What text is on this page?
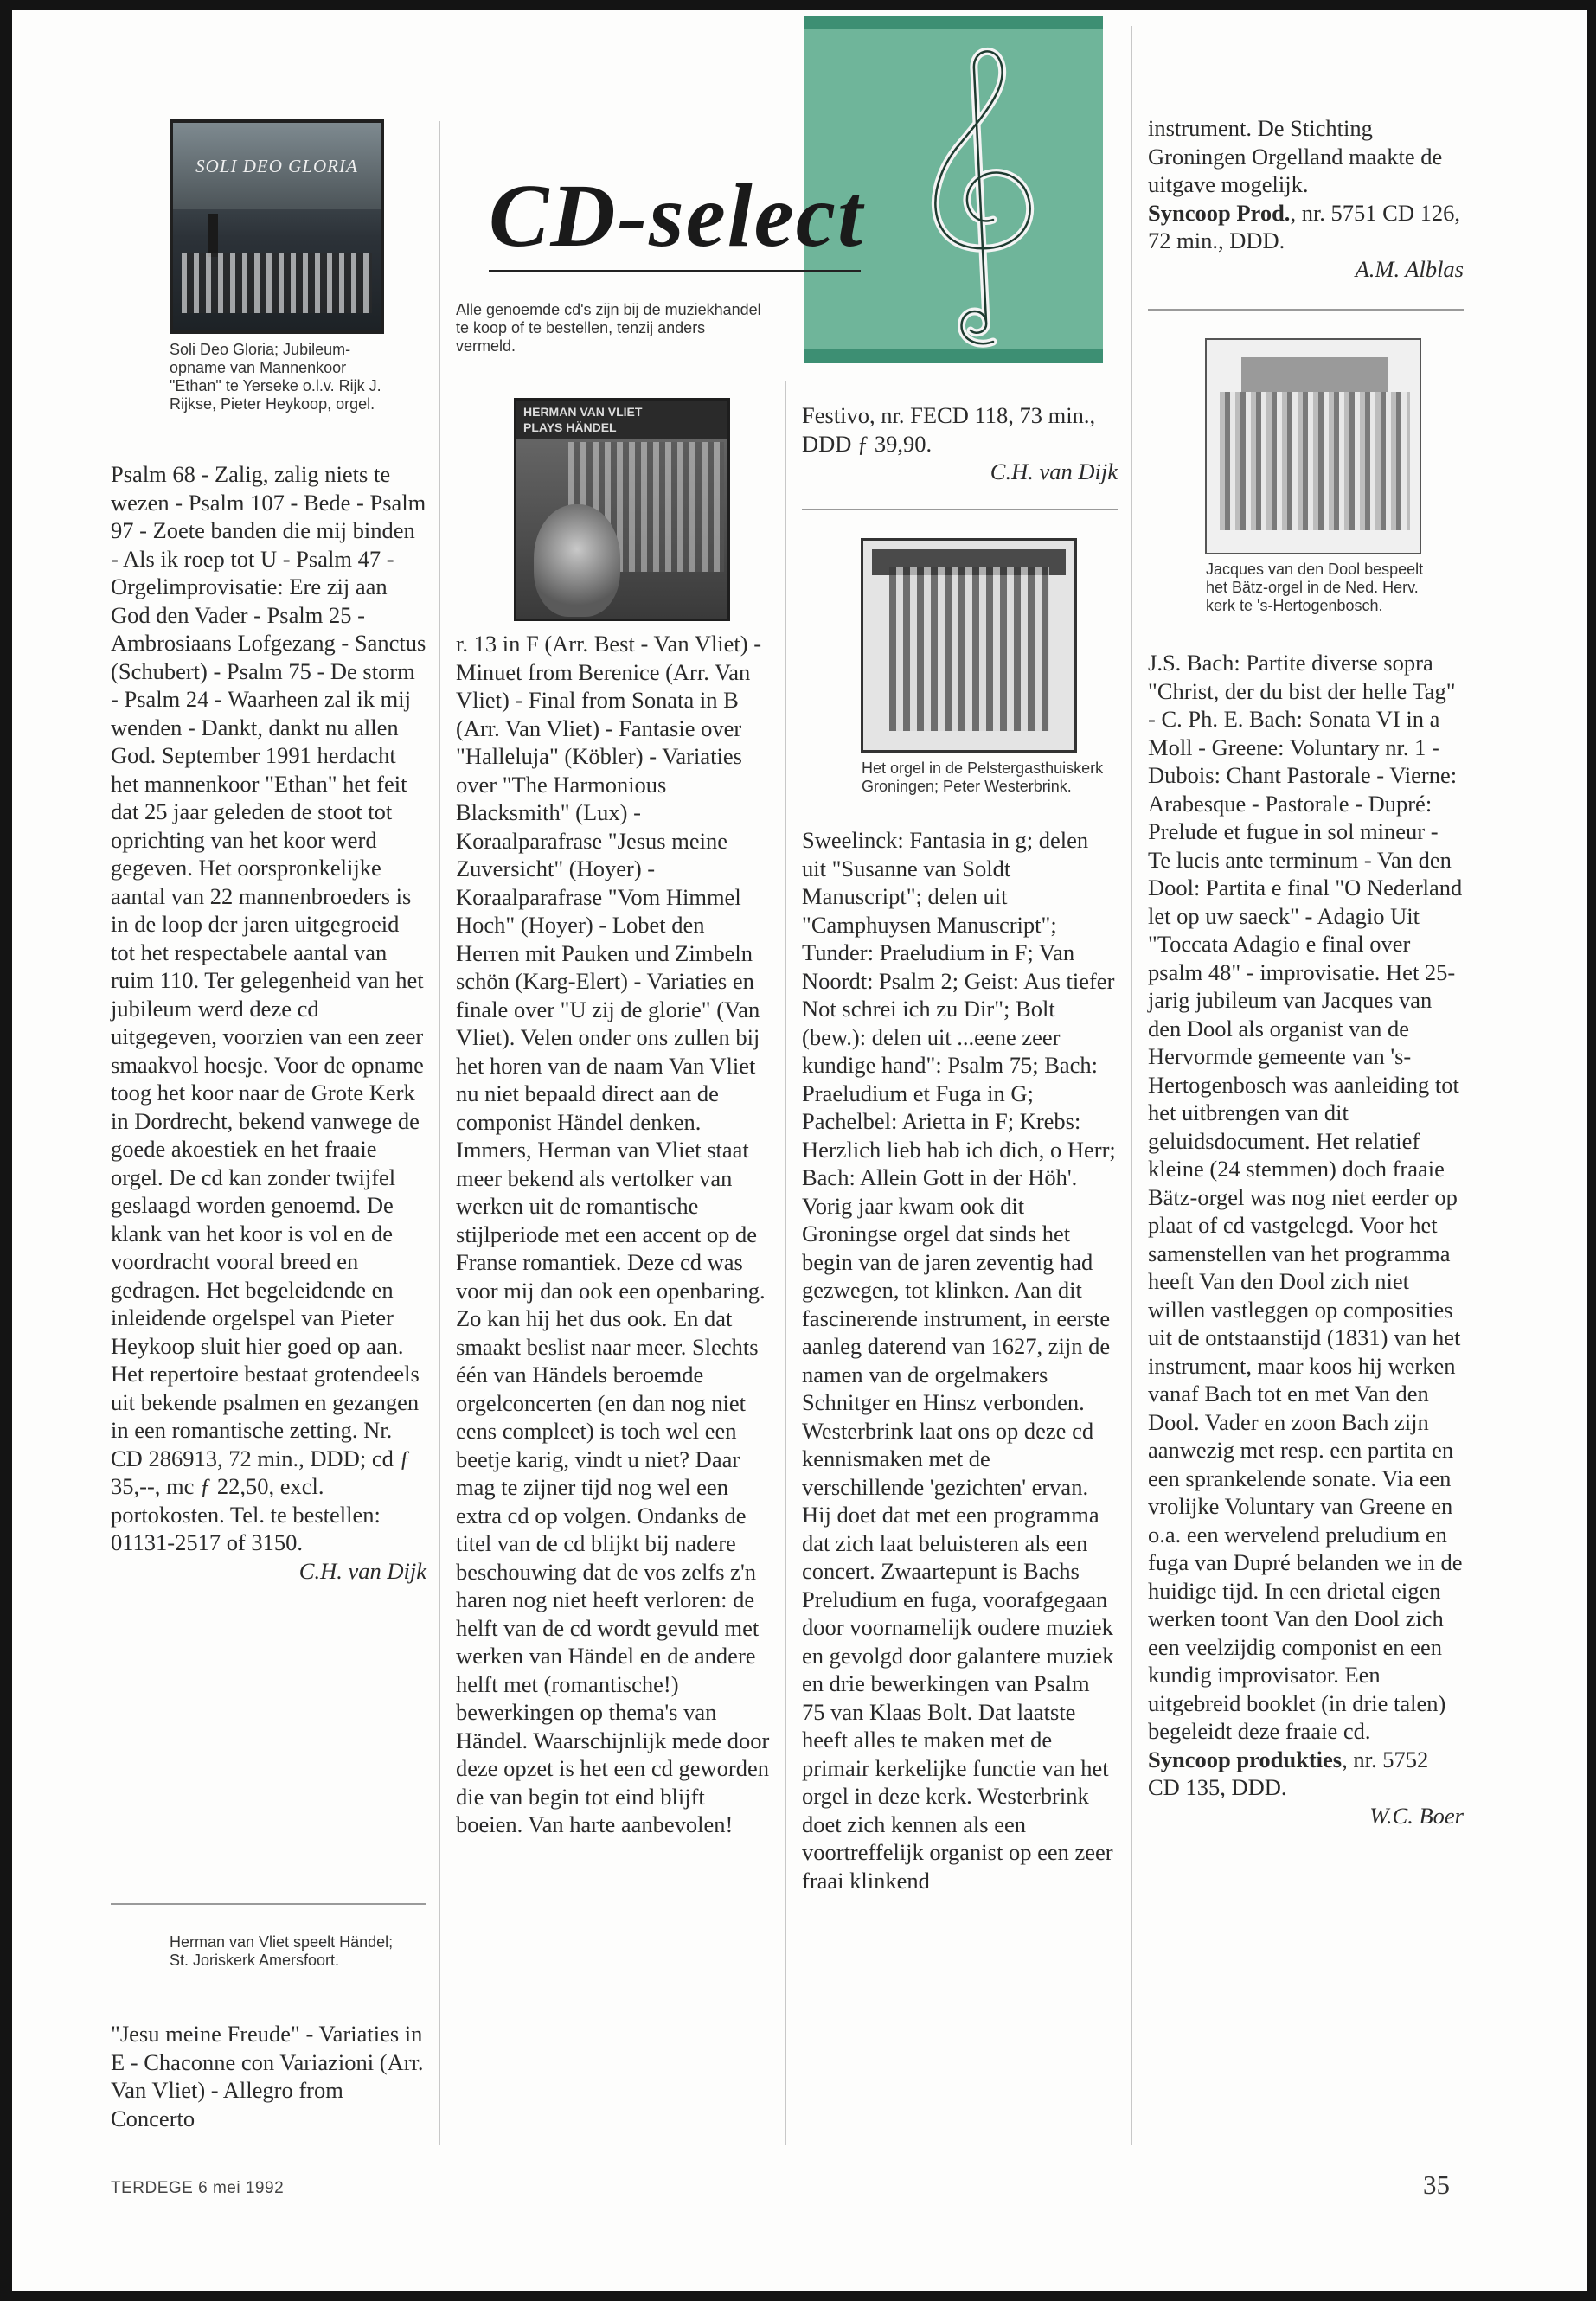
CD-select
Alle genoemde cd's zijn bij de muziekhandel te koop of te bestellen, tenzij anders vermeld.
SOLI DEO GLORIA
HERMAN VAN VLIET
PLAYS HÄNDEL
Soli Deo Gloria; Jubileum-opname van Mannenkoor "Ethan" te Yerseke o.l.v. Rijk J. Rijkse, Pieter Heykoop, orgel.
Herman van Vliet speelt Händel; St. Joriskerk Amersfoort.
Het orgel in de Pelstergasthuiskerk Groningen; Peter Westerbrink.
Jacques van den Dool bespeelt het Bätz-orgel in de Ned. Herv. kerk te 's-Hertogenbosch.

Psalm 68 - Zalig, zalig niets te wezen - Psalm 107 - Bede - Psalm 97 - Zoete banden die mij binden - Als ik roep tot U - Psalm 47 - Orgelimprovisatie: Ere zij aan God den Vader - Psalm 25 - Ambrosiaans Lofgezang - Sanctus (Schubert) - Psalm 75 - De storm - Psalm 24 - Waarheen zal ik mij wenden - Dankt, dankt nu allen God. September 1991 herdacht het mannenkoor "Ethan" het feit dat 25 jaar geleden de stoot tot oprichting van het koor werd gegeven. Het oorspronkelijke aantal van 22 mannenbroeders is in de loop der jaren uitgegroeid tot het respectabele aantal van ruim 110. Ter gelegenheid van het jubileum werd deze cd uitgegeven, voorzien van een zeer smaakvol hoesje. Voor de opname toog het koor naar de Grote Kerk in Dordrecht, bekend vanwege de goede akoestiek en het fraaie orgel. De cd kan zonder twijfel geslaagd worden genoemd. De klank van het koor is vol en de voordracht vooral breed en gedragen. Het begeleidende en inleidende orgelspel van Pieter Heykoop sluit hier goed op aan. Het repertoire bestaat grotendeels uit bekende psalmen en gezangen in een romantische zetting. Nr. CD 286913, 72 min., DDD; cd ƒ 35,--, mc ƒ 22,50, excl. portokosten. Tel. te bestellen: 01131-2517 of 3150.

C.H. van Dijk

"Jesu meine Freude" - Variaties in E - Chaconne con Variazioni (Arr. Van Vliet) - Allegro from Concerto

r. 13 in F (Arr. Best - Van Vliet) - Minuet from Berenice (Arr. Van Vliet) - Final from Sonata in B (Arr. Van Vliet) - Fantasie over "Halleluja" (Köbler) - Variaties over "The Harmonious Blacksmith" (Lux) - Koraalparafrase "Jesus meine Zuversicht" (Hoyer) - Koraalparafrase "Vom Himmel Hoch" (Hoyer) - Lobet den Herren mit Pauken und Zimbeln schön (Karg-Elert) - Variaties en finale over "U zij de glorie" (Van Vliet). Velen onder ons zullen bij het horen van de naam Van Vliet nu niet bepaald direct aan de componist Händel denken. Immers, Herman van Vliet staat meer bekend als vertolker van werken uit de romantische stijlperiode met een accent op de Franse romantiek. Deze cd was voor mij dan ook een openbaring. Zo kan hij het dus ook. En dat smaakt beslist naar meer. Slechts één van Händels beroemde orgelconcerten (en dan nog niet eens compleet) is toch wel een beetje karig, vindt u niet? Daar mag te zijner tijd nog wel een extra cd op volgen. Ondanks de titel van de cd blijkt bij nadere beschouwing dat de vos zelfs z'n haren nog niet heeft verloren: de helft van de cd wordt gevuld met werken van Händel en de andere helft met (romantische!) bewerkingen op thema's van Händel. Waarschijnlijk mede door deze opzet is het een cd geworden die van begin tot eind blijft boeien. Van harte aanbevolen!

Festivo, nr. FECD 118, 73 min., DDD ƒ 39,90.

C.H. van Dijk

Sweelinck: Fantasia in g; delen uit "Susanne van Soldt Manuscript"; delen uit "Camphuysen Manuscript"; Tunder: Praeludium in F; Van Noordt: Psalm 2; Geist: Aus tiefer Not schrei ich zu Dir"; Bolt (bew.): delen uit ...eene zeer kundige hand": Psalm 75; Bach: Praeludium et Fuga in G; Pachelbel: Arietta in F; Krebs: Herzlich lieb hab ich dich, o Herr; Bach: Allein Gott in der Höh'. Vorig jaar kwam ook dit Groningse orgel dat sinds het begin van de jaren zeventig had gezwegen, tot klinken. Aan dit fascinerende instrument, in eerste aanleg daterend van 1627, zijn de namen van de orgelmakers Schnitger en Hinsz verbonden. Westerbrink laat ons op deze cd kennismaken met de verschillende 'gezichten' ervan. Hij doet dat met een programma dat zich laat beluisteren als een concert. Zwaartepunt is Bachs Preludium en fuga, voorafgegaan door voornamelijk oudere muziek en gevolgd door galantere muziek en drie bewerkingen van Psalm 75 van Klaas Bolt. Dat laatste heeft alles te maken met de primair kerkelijke functie van het orgel in deze kerk. Westerbrink doet zich kennen als een voortreffelijk organist op een zeer fraai klinkend

instrument. De Stichting Groningen Orgelland maakte de uitgave mogelijk.

Syncoop Prod., nr. 5751 CD 126, 72 min., DDD.

A.M. Alblas

J.S. Bach: Partite diverse sopra "Christ, der du bist der helle Tag" - C. Ph. E. Bach: Sonata VI in a Moll - Greene: Voluntary nr. 1 - Dubois: Chant Pastorale - Vierne: Arabesque - Pastorale - Dupré: Prelude et fugue in sol mineur - Te lucis ante terminum - Van den Dool: Partita e final "O Nederland let op uw saeck" - Adagio Uit "Toccata Adagio e final over psalm 48" - improvisatie. Het 25-jarig jubileum van Jacques van den Dool als organist van de Hervormde gemeente van 's-Hertogenbosch was aanleiding tot het uitbrengen van dit geluidsdocument. Het relatief kleine (24 stemmen) doch fraaie Bätz-orgel was nog niet eerder op plaat of cd vastgelegd. Voor het samenstellen van het programma heeft Van den Dool zich niet willen vastleggen op composities uit de ontstaanstijd (1831) van het instrument, maar koos hij werken vanaf Bach tot en met Van den Dool. Vader en zoon Bach zijn aanwezig met resp. een partita en een sprankelende sonate. Via een vrolijke Voluntary van Greene en o.a. een wervelend preludium en fuga van Dupré belanden we in de huidige tijd. In een drietal eigen werken toont Van den Dool zich een veelzijdig componist en een kundig improvisator. Een uitgebreid booklet (in drie talen) begeleidt deze fraaie cd.

Syncoop produkties, nr. 5752 CD 135, DDD.

W.C. Boer

TERDEGE 6 mei 1992	35
